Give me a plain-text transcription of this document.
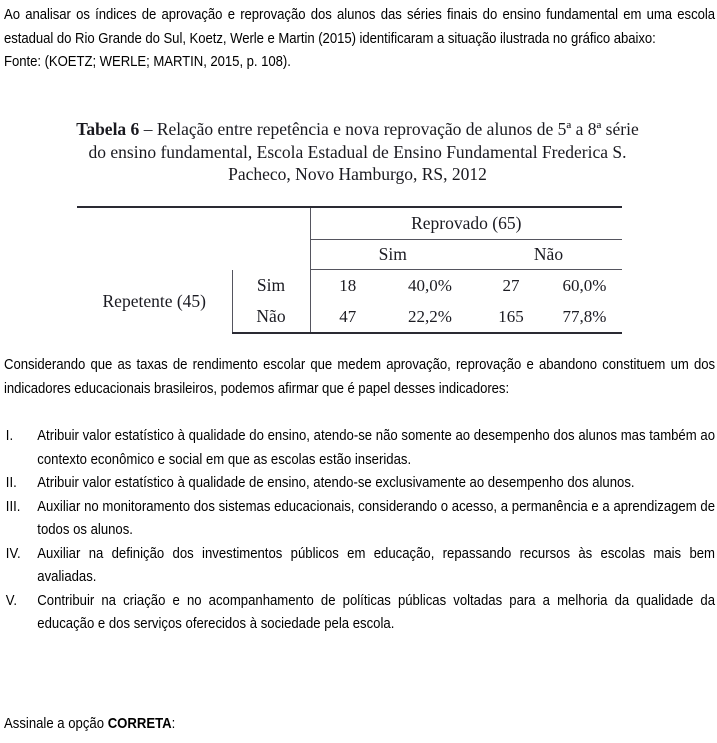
Ao analisar os índices de aprovação e reprovação dos alunos das séries finais do ensino fundamental em uma escola estadual do Rio Grande do Sul, Koetz, Werle e Martin (2015) identificaram a situação ilustrada no gráfico abaixo:

Fonte: (KOETZ; WERLE; MARTIN, 2015, p. 108).

Tabela 6 – Relação entre repetência e nova reprovação de alunos de 5ª a 8ª série do ensino fundamental, Escola Estadual de Ensino Fundamental Frederica S. Pacheco, Novo Hamburgo, RS, 2012
		Reprovado (65)			
		Sim		Não	
Repetente (45)	Sim	18	40,0%	27	60,0%
	Não	47	22,2%	165	77,8%

Considerando que as taxas de rendimento escolar que medem aprovação, reprovação e abandono constituem um dos indicadores educacionais brasileiros, podemos afirmar que é papel desses indicadores:

I.	Atribuir valor estatístico à qualidade do ensino, atendo-se não somente ao desempenho dos alunos mas também ao contexto econômico e social em que as escolas estão inseridas.
II.	Atribuir valor estatístico à qualidade de ensino, atendo-se exclusivamente ao desempenho dos alunos.
III.	Auxiliar no monitoramento dos sistemas educacionais, considerando o acesso, a permanência e a aprendizagem de todos os alunos.
IV.	Auxiliar na definição dos investimentos públicos em educação, repassando recursos às escolas mais bem avaliadas.
V.	Contribuir na criação e no acompanhamento de políticas públicas voltadas para a melhoria da qualidade da educação e dos serviços oferecidos à sociedade pela escola.
Assinale a opção CORRETA:
